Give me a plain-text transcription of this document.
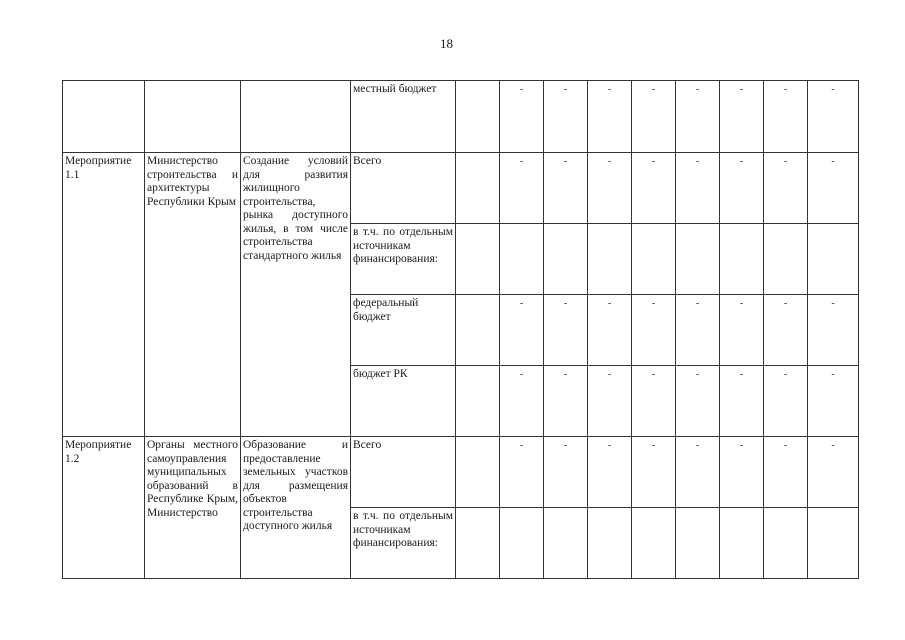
18
			местный бюджет		-	-	-	-	-	-	-	-
Мероприятие 1.1	Министерство строительства и архитектуры Республики Крым	Создание условий для развития жилищного строительства, рынка доступного жилья, в том числе строительства стандартного жилья	Всего		-	-	-	-	-	-	-	-
			в т.ч. по отдельным источникам финансирования:									
			федеральный бюджет		-	-	-	-	-	-	-	-
			бюджет РК		-	-	-	-	-	-	-	-
Мероприятие 1.2	Органы местного самоуправления муниципальных образований в Республике Крым, Министерство	Образование и предоставление земельных участков для размещения объектов строительства доступного жилья	Всего		-	-	-	-	-	-	-	-
			в т.ч. по отдельным источникам финансирования:									
